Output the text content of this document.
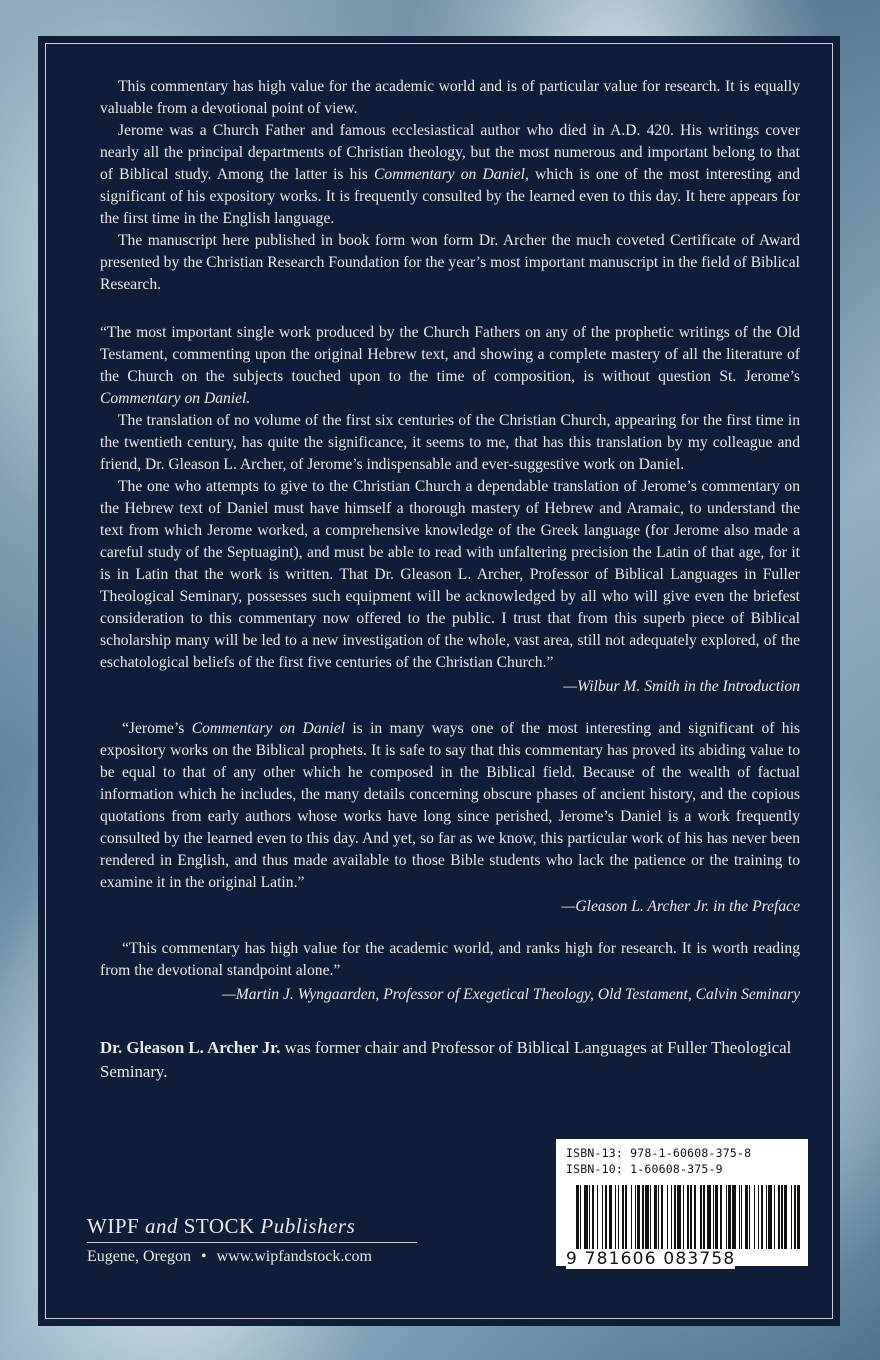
This commentary has high value for the academic world and is of particular value for research. It is equally valuable from a devotional point of view.

Jerome was a Church Father and famous ecclesiastical author who died in A.D. 420. His writings cover nearly all the principal departments of Christian theology, but the most numerous and important belong to that of Biblical study. Among the latter is his Commentary on Daniel, which is one of the most interesting and significant of his expository works. It is frequently consulted by the learned even to this day. It here appears for the first time in the English language.

The manuscript here published in book form won form Dr. Archer the much coveted Certificate of Award presented by the Christian Research Foundation for the year’s most important manuscript in the field of Biblical Research.

“The most important single work produced by the Church Fathers on any of the prophetic writings of the Old Testament, commenting upon the original Hebrew text, and showing a complete mastery of all the literature of the Church on the subjects touched upon to the time of composition, is without question St. Jerome’s Commentary on Daniel.

The translation of no volume of the first six centuries of the Christian Church, appearing for the first time in the twentieth century, has quite the significance, it seems to me, that has this translation by my colleague and friend, Dr. Gleason L. Archer, of Jerome’s indispensable and ever-suggestive work on Daniel.

The one who attempts to give to the Christian Church a dependable translation of Jerome’s commentary on the Hebrew text of Daniel must have himself a thorough mastery of Hebrew and Aramaic, to understand the text from which Jerome worked, a comprehensive knowledge of the Greek language (for Jerome also made a careful study of the Septuagint), and must be able to read with unfaltering precision the Latin of that age, for it is in Latin that the work is written. That Dr. Gleason L. Archer, Professor of Biblical Languages in Fuller Theological Seminary, possesses such equipment will be acknowledged by all who will give even the briefest consideration to this commentary now offered to the public. I trust that from this superb piece of Biblical scholarship many will be led to a new investigation of the whole, vast area, still not adequately explored, of the eschatological beliefs of the first five centuries of the Christian Church.”

—Wilbur M. Smith in the Introduction

“Jerome’s Commentary on Daniel is in many ways one of the most interesting and significant of his expository works on the Biblical prophets. It is safe to say that this commentary has proved its abiding value to be equal to that of any other which he composed in the Biblical field. Because of the wealth of factual information which he includes, the many details concerning obscure phases of ancient history, and the copious quotations from early authors whose works have long since perished, Jerome’s Daniel is a work frequently consulted by the learned even to this day. And yet, so far as we know, this particular work of his has never been rendered in English, and thus made available to those Bible students who lack the patience or the training to examine it in the original Latin.”

—Gleason L. Archer Jr. in the Preface

“This commentary has high value for the academic world, and ranks high for research. It is worth reading from the devotional standpoint alone.”

—Martin J. Wyngaarden, Professor of Exegetical Theology, Old Testament, Calvin Seminary

Dr. Gleason L. Archer Jr. was former chair and Professor of Biblical Languages at Fuller Theological Seminary.

WIPF and STOCK Publishers
Eugene, Oregon • www.wipfandstock.com
ISBN-13: 978-1-60608-375-8
ISBN-10: 1-60608-375-9
9 781606 083758
